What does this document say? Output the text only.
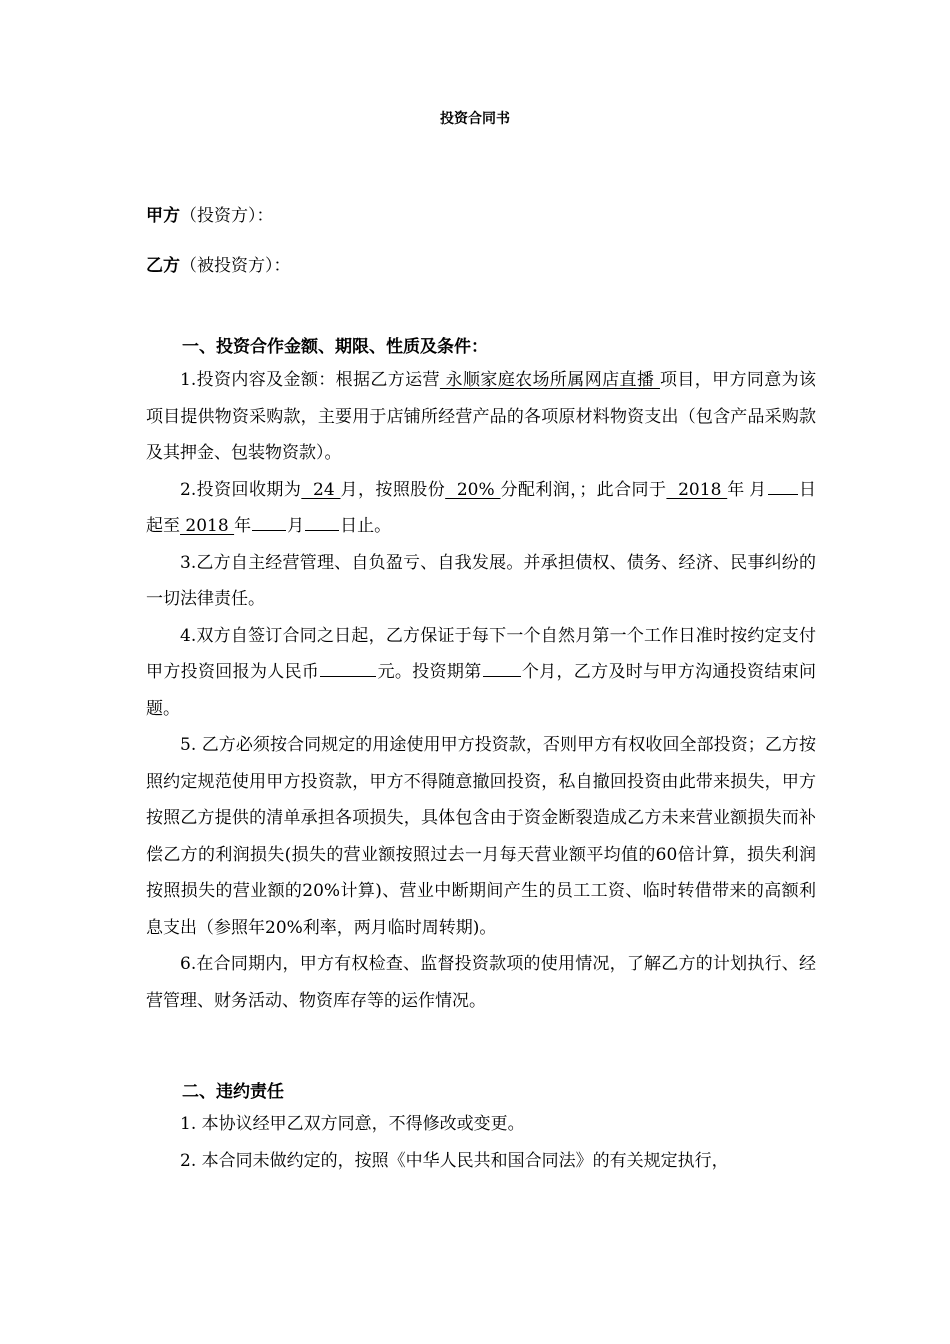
投资合同书
甲方（投资方）：
乙方（被投资方）：
一、投资合作金额、期限、性质及条件：

1.投资内容及金额：根据乙方运营 永顺家庭农场所属网店直播 项目，甲方同意为该项目提供物资采购款，主要用于店铺所经营产品的各项原材料物资支出（包含产品采购款及其押金、包装物资款）。

2.投资回收期为  24 月，按照股份  20% 分配利润，；此合同于  2018 年 月 日起至 2018 年 月 日止。

3.乙方自主经营管理、自负盈亏、自我发展。并承担债权、债务、经济、民事纠纷的一切法律责任。

4.双方自签订合同之日起，乙方保证于每下一个自然月第一个工作日准时按约定支付甲方投资回报为人民币	元。投资期第 个月，乙方及时与甲方沟通投资结束问题。

5. 乙方必须按合同规定的用途使用甲方投资款，否则甲方有权收回全部投资；乙方按照约定规范使用甲方投资款，甲方不得随意撤回投资，私自撤回投资由此带来损失，甲方按照乙方提供的清单承担各项损失，具体包含由于资金断裂造成乙方未来营业额损失而补偿乙方的利润损失(损失的营业额按照过去一月每天营业额平均值的60倍计算，损失利润按照损失的营业额的20%计算)、营业中断期间产生的员工工资、临时转借带来的高额利息支出（参照年20%利率，两月临时周转期)。

6.在合同期内，甲方有权检查、监督投资款项的使用情况，了解乙方的计划执行、经营管理、财务活动、物资库存等的运作情况。

二、违约责任

1. 本协议经甲乙双方同意，不得修改或变更。

2. 本合同未做约定的，按照《中华人民共和国合同法》的有关规定执行，
